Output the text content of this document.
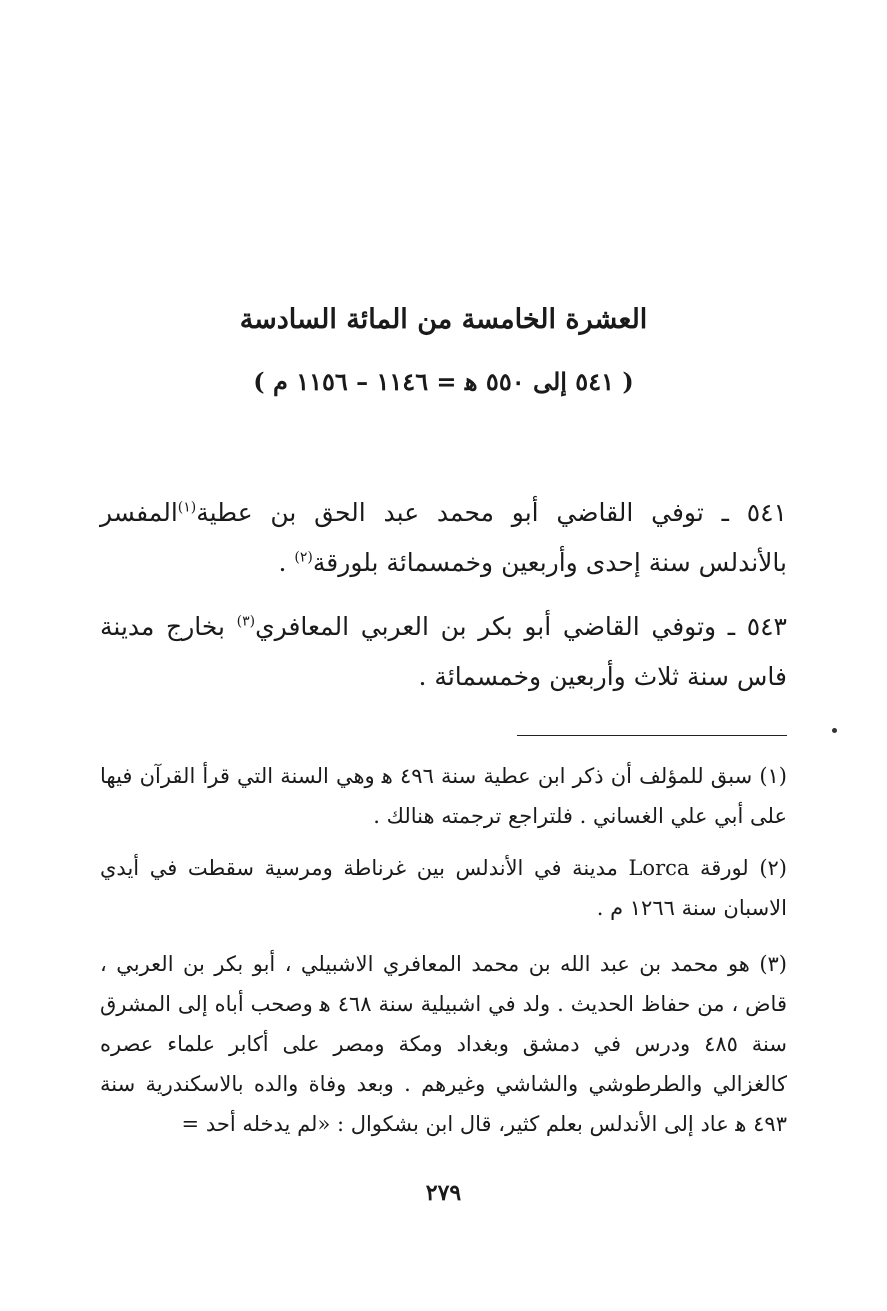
العشرة الخامسة من المائة السادسة
( ٥٤١ إلى ٥٥٠ ﻫ = ١١٤٦ – ١١٥٦ م )
٥٤١ ـ توفي القاضي أبو محمد عبد الحق بن عطية$^{(١)}$المفسر بالأندلس سنة إحدى وأربعين وخمسمائة بلورقة$^{(٢)}$ .
٥٤٣ ـ وتوفي القاضي أبو بكر بن العربي المعافري$^{(٣)}$ بخارج مدينة فاس سنة ثلاث وأربعين وخمسمائة .
(١) سبق للمؤلف أن ذكر ابن عطية سنة ٤٩٦ ﻫ وهي السنة التي قرأ القرآن فيها على أبي علي الغساني . فلتراجع ترجمته هنالك .
(٢) لورقة Lorca مدينة في الأندلس بين غرناطة ومرسية سقطت في أيدي الاسبان سنة ١٢٦٦ م .
(٣) هو محمد بن عبد الله بن محمد المعافري الاشبيلي ، أبو بكر بن العربي ، قاض ، من حفاظ الحديث . ولد في اشبيلية سنة ٤٦٨ ﻫ وصحب أباه إلى المشرق سنة ٤٨٥ ودرس في دمشق وبغداد ومكة ومصر على أكابر علماء عصره كالغزالي والطرطوشي والشاشي وغيرهم . وبعد وفاة والده بالاسكندرية سنة ٤٩٣ ﻫ عاد إلى الأندلس بعلم كثير، قال ابن بشكوال : «لم يدخله أحد =
٢٧٩
